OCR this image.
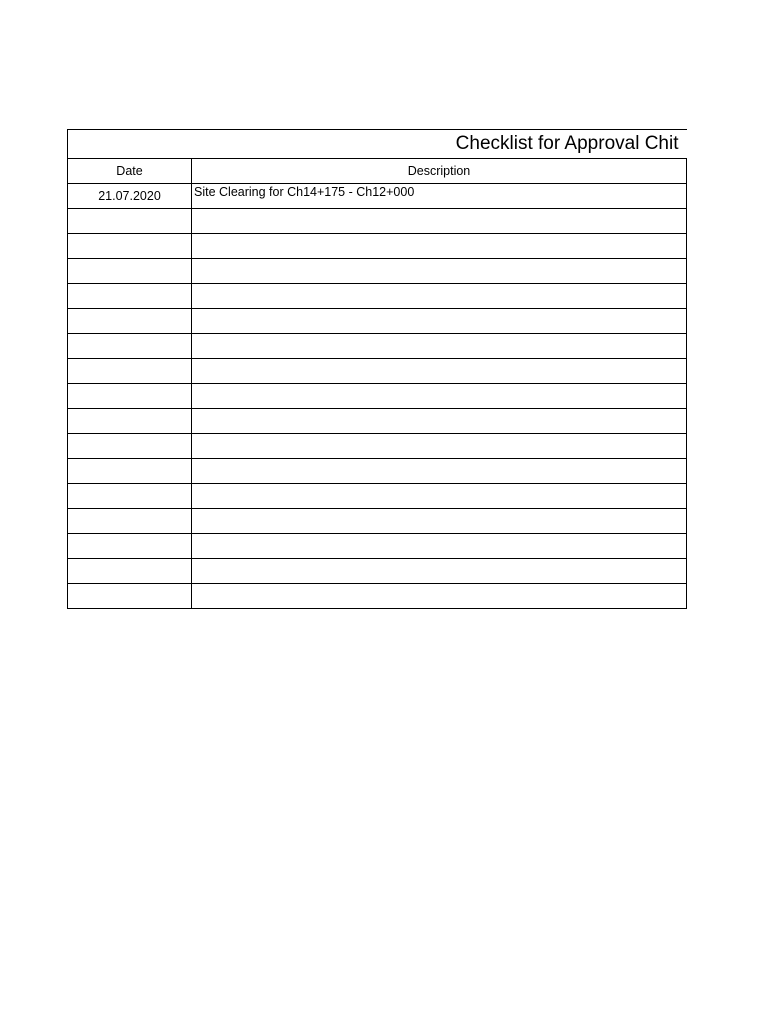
Checklist for Approval Chit	
Date	Description
21.07.2020	Site Clearing for Ch14+175 - Ch12+000
